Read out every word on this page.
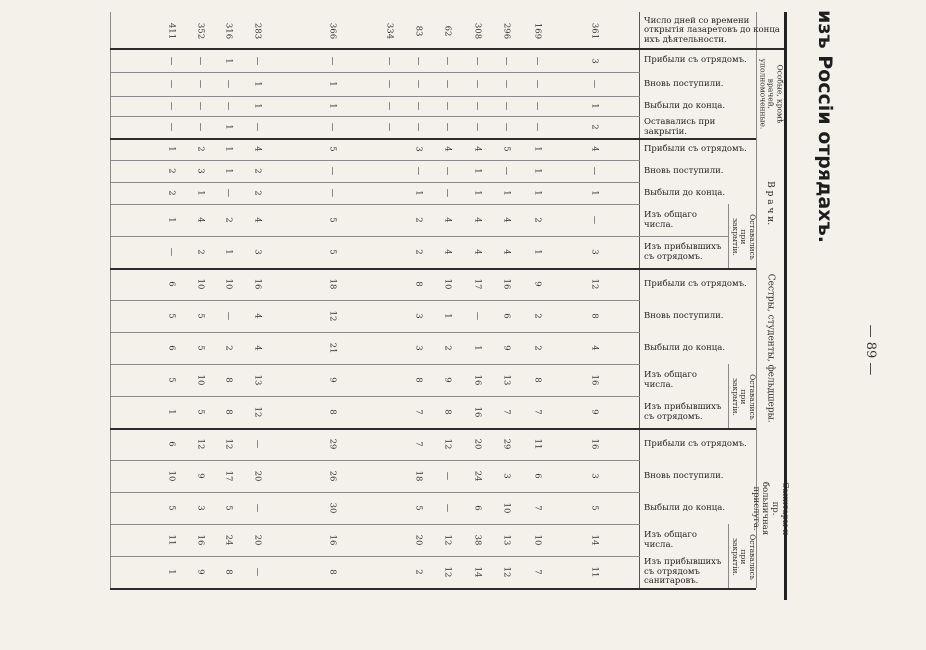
изъ Россіи отрядахъ.
— 89 —
Число дней со времени открытія лазаретовъ до конца ихъ дѣятельности.
Особые, кромѣ врачей, уполномоченные.
В р а ч и.
Сестры, студенты, фельдшеры.
Санитары и пр. больничная прислуга.
Оставались при закрытіи.
Оставались при закрытіи.
Оставались при закрытіи.
Прибыли съ отрядомъ.
Вновь поступили.
Выбыли до конца.
Оставались при закрытіи.
Прибыли съ отрядомъ.
Вновь поступили.
Выбыли до конца.
Изъ общаго числа.
Изъ прибывшихъ съ отрядомъ.
Прибыли съ отрядомъ.
Вновь поступили.
Выбыли до конца.
Изъ общаго числа.
Изъ прибывшихъ съ отрядомъ.
Прибыли съ отрядомъ.
Вновь поступили.
Выбыли до конца.
Изъ общаго числа.
Изъ прибывшихъ съ отрядомъ санитаровъ.
361
169
296
308
62
83
334
366
283
316
352
411
3
—
—
—
—
—
—
—
—
1
—
—
—
—
—
—
—
—
—
1
1
—
—
—
1
—
—
—
—
—
—
1
1
—
—
—
2
—
—
—
—
—
—
—
—
1
—
—
4
1
5
4
4
3
5
4
1
2
1
—
1
—
1
—
—
—
2
1
3
2
1
1
1
1
—
1
—
2
—
1
2
—
2
4
4
4
2
5
4
2
4
1
3
1
4
4
4
2
5
3
1
2
—
12
9
16
17
10
8
18
16
10
10
6
8
2
6
—
1
3
12
4
—
5
5
4
2
9
1
2
3
21
4
2
5
6
16
8
13
16
9
8
9
13
8
10
5
9
7
7
16
8
7
8
12
8
5
1
16
11
29
20
12
7
29
—
12
12
6
3
6
3
24
—
18
26
20
17
9
10
5
7
10
6
—
5
30
—
5
3
5
14
10
13
38
12
20
16
20
24
16
11
11
7
12
14
12
2
8
—
8
9
1
